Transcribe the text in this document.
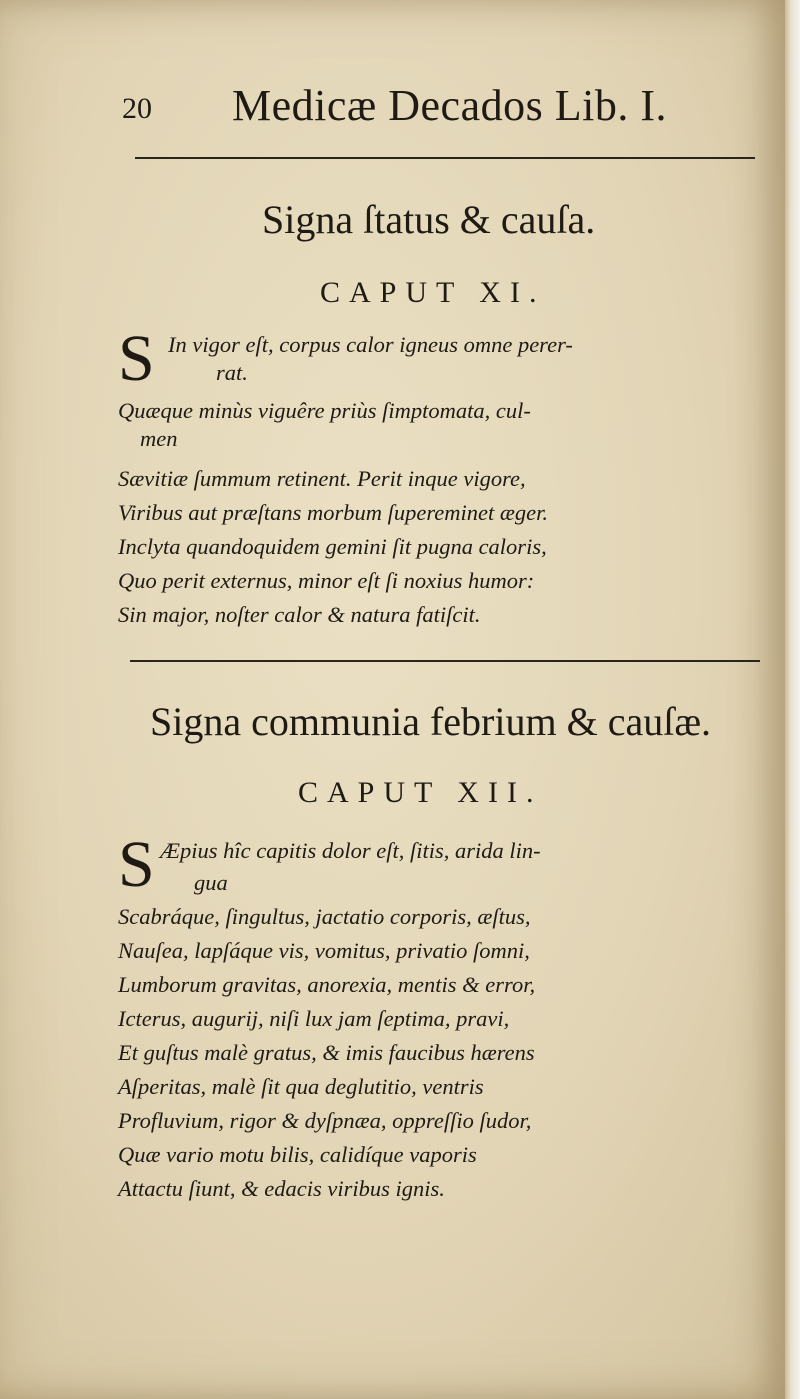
20 Medicæ Decados Lib. I.
Signa ſtatus & cauſa.
CAPUT XI.
S In vigor eſt, corpus calor igneus omne perer-
rat.
Quæque minùs viguêre priùs ſimptomata, cul-
men
Sævitiæ ſummum retinent. Perit inque vigore,
Viribus aut præſtans morbum ſupereminet æger.
Inclyta quandoquidem gemini ſit pugna caloris,
Quo perit externus, minor eſt ſi noxius humor:
Sin major, noſter calor & natura fatiſcit.
Signa communia febrium & cauſæ.
CAPUT XII.
S Æpius hîc capitis dolor eſt, ſitis, arida lin-
gua
Scabráque, ſingultus, jactatio corporis, æſtus,
Nauſea, lapſáque vis, vomitus, privatio ſomni,
Lumborum gravitas, anorexia, mentis & error,
Icterus, augurij, niſi lux jam ſeptima, pravi,
Et guſtus malè gratus, & imis faucibus hærens
Aſperitas, malè ſit qua deglutitio, ventris
Profluvium, rigor & dyſpnæa, oppreſſio ſudor,
Quæ vario motu bilis, calidíque vaporis
Attactu ſiunt, & edacis viribus ignis.
